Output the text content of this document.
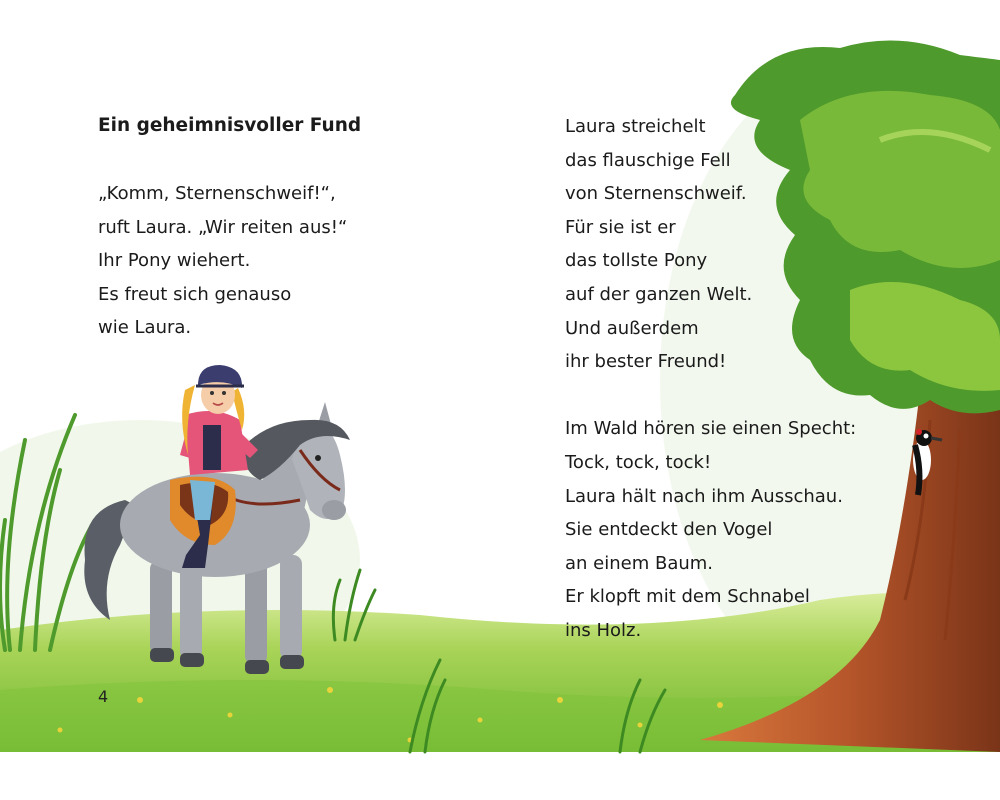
Ein geheimnisvoller Fund
„Komm, Sternenschweif!“,
ruft Laura. „Wir reiten aus!“
Ihr Pony wiehert.
Es freut sich genauso
wie Laura.
4
Laura streichelt
das flauschige Fell
von Sternenschweif.
Für sie ist er
das tollste Pony
auf der ganzen Welt.
Und außerdem
ihr bester Freund!
Im Wald hören sie einen Specht:
Tock, tock, tock!
Laura hält nach ihm Ausschau.
Sie entdeckt den Vogel
an einem Baum.
Er klopft mit dem Schnabel
ins Holz.
